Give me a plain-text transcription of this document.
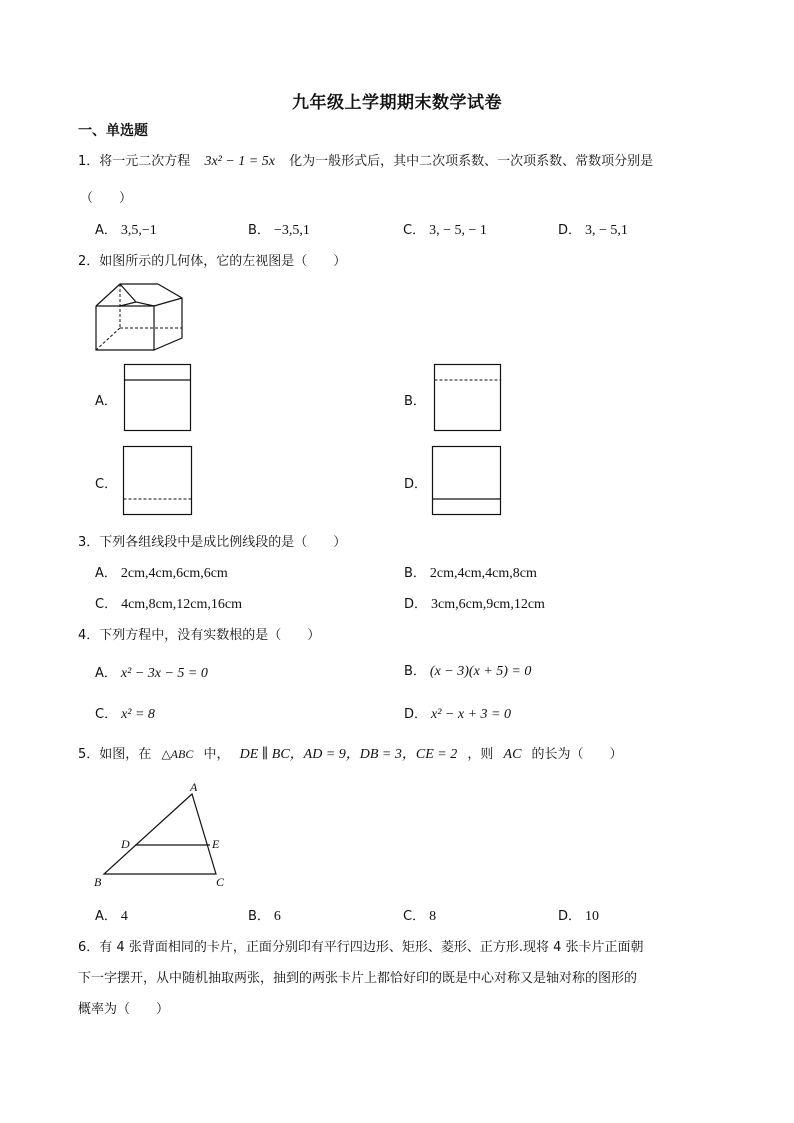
九年级上学期期末数学试卷
一、单选题
1．将一元二次方程 3x² − 1 = 5x 化为一般形式后，其中二次项系数、一次项系数、常数项分别是
（　　）
A． 3,5,−1	B． −3,5,1	C． 3, − 5, − 1	D． 3, − 5,1
2．如图所示的几何体，它的左视图是（　　）
A．	B．
C．	D．
3．下列各组线段中是成比例线段的是（　　）
A． 2cm,4cm,6cm,6cm	B． 2cm,4cm,4cm,8cm
C． 4cm,8cm,12cm,16cm	D． 3cm,6cm,9cm,12cm
4．下列方程中，没有实数根的是（　　）
A． x² − 3x − 5 = 0	B． (x − 3)(x + 5) = 0
C． x² = 8	D． x² − x + 3 = 0
5．如图，在 △ABC 中， DE ∥ BC，AD = 9，DB = 3，CE = 2 ，则 AC 的长为（　　）
A
B	C
D	E
A． 4	B． 6	C． 8	D． 10
6．有 4 张背面相同的卡片，正面分别印有平行四边形、矩形、菱形、正方形.现将 4 张卡片正面朝
下一字摆开，从中随机抽取两张，抽到的两张卡片上都恰好印的既是中心对称又是轴对称的图形的
概率为（　　）
